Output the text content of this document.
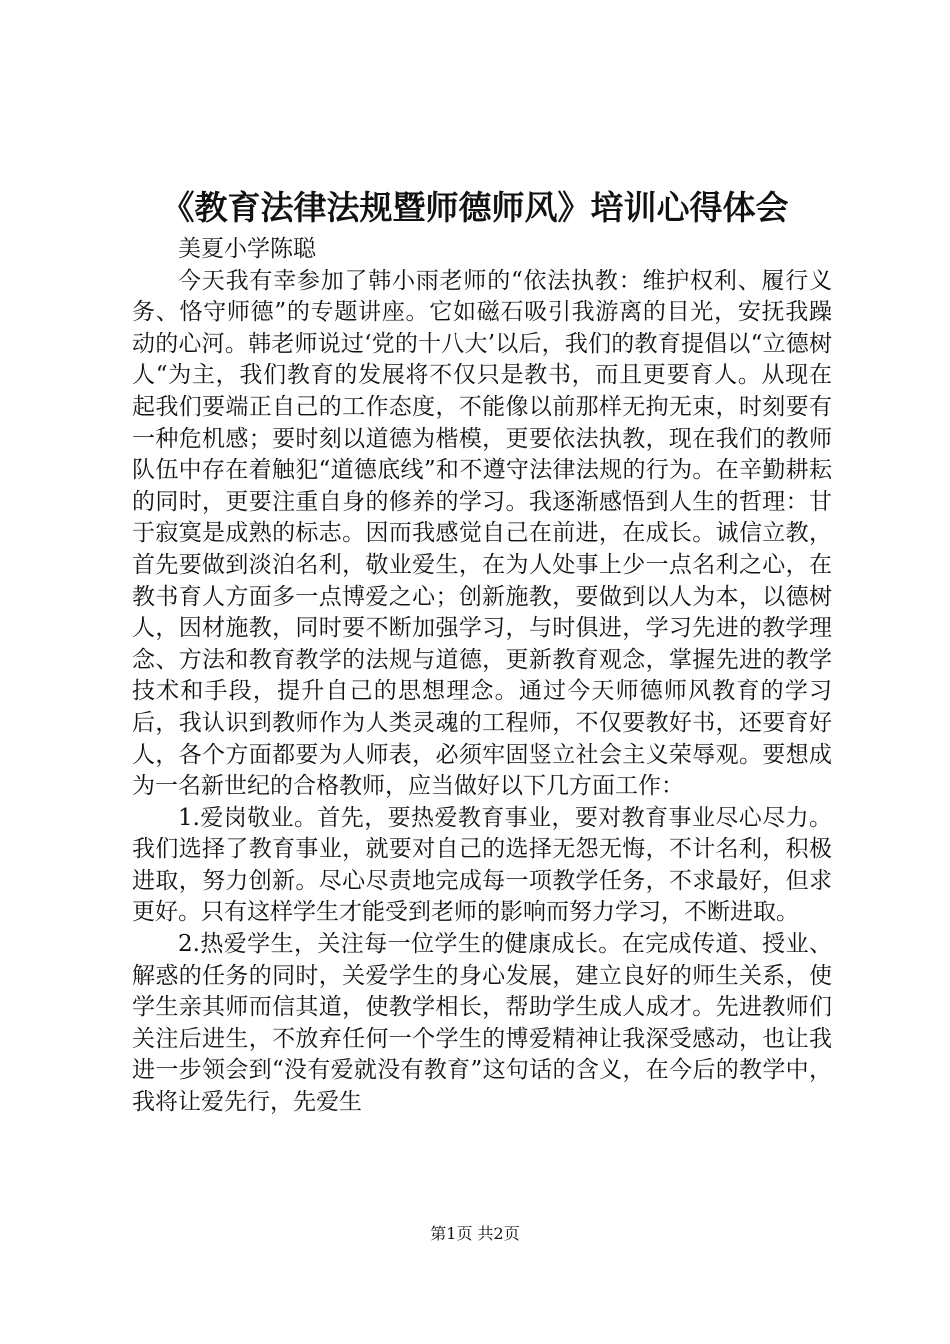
《教育法律法规暨师德师风》培训心得体会

美夏小学陈聪

今天我有幸参加了韩小雨老师的“依法执教：维护权利、履行义务、恪守师德”的专题讲座。它如磁石吸引我游离的目光，安抚我躁动的心河。韩老师说过‘党的十八大’以后，我们的教育提倡以“立德树人“为主，我们教育的发展将不仅只是教书，而且更要育人。从现在起我们要端正自己的工作态度，不能像以前那样无拘无束，时刻要有一种危机感；要时刻以道德为楷模，更要依法执教，现在我们的教师队伍中存在着触犯“道德底线”和不遵守法律法规的行为。在辛勤耕耘的同时，更要注重自身的修养的学习。我逐渐感悟到人生的哲理：甘于寂寞是成熟的标志。因而我感觉自己在前进，在成长。诚信立教，首先要做到淡泊名利，敬业爱生，在为人处事上少一点名利之心，在教书育人方面多一点博爱之心；创新施教，要做到以人为本，以德树人，因材施教，同时要不断加强学习，与时俱进，学习先进的教学理念、方法和教育教学的法规与道德，更新教育观念，掌握先进的教学技术和手段，提升自己的思想理念。通过今天师德师风教育的学习后，我认识到教师作为人类灵魂的工程师，不仅要教好书，还要育好人，各个方面都要为人师表，必须牢固竖立社会主义荣辱观。要想成为一名新世纪的合格教师，应当做好以下几方面工作：

1.爱岗敬业。首先，要热爱教育事业，要对教育事业尽心尽力。我们选择了教育事业，就要对自己的选择无怨无悔，不计名利，积极进取，努力创新。尽心尽责地完成每一项教学任务，不求最好，但求更好。只有这样学生才能受到老师的影响而努力学习，不断进取。

2.热爱学生，关注每一位学生的健康成长。在完成传道、授业、解惑的任务的同时，关爱学生的身心发展，建立良好的师生关系，使学生亲其师而信其道，使教学相长，帮助学生成人成才。先进教师们关注后进生，不放弃任何一个学生的博爱精神让我深受感动，也让我进一步领会到“没有爱就没有教育”这句话的含义，在今后的教学中，我将让爱先行，先爱生

第1页 共2页
